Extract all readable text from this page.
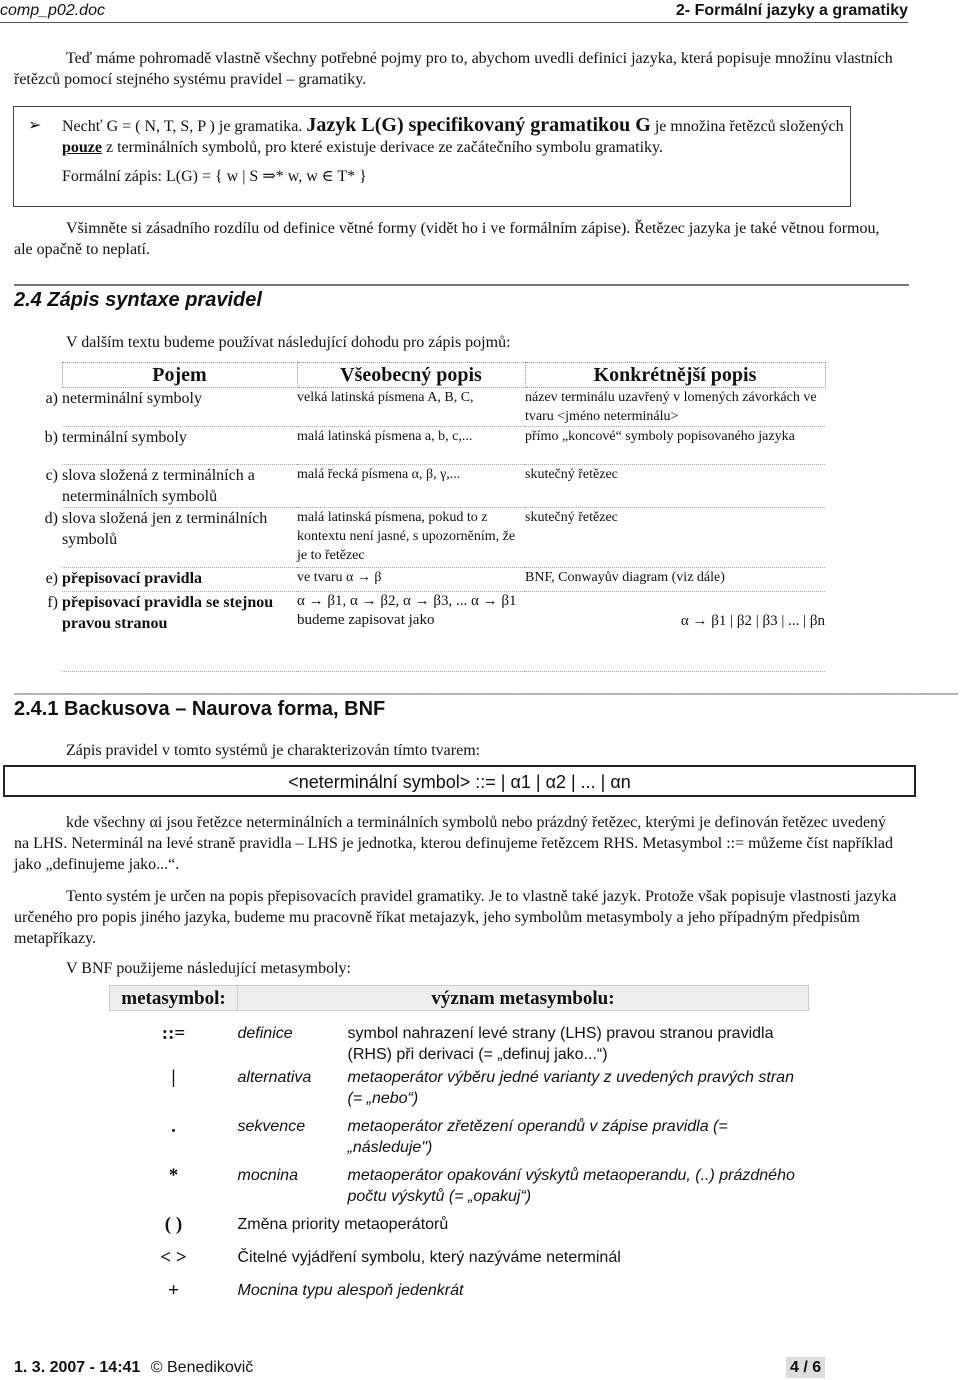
comp_p02.doc	2- Formální jazyky a gramatiky

Teď máme pohromadě vlastně všechny potřebné pojmy pro to, abychom uvedli definici jazyka, která popisuje množinu vlastních řetězců pomocí stejného systému pravidel – gramatiky.

➢ Nechť G = ( N, T, S, P ) je gramatika. Jazyk L(G) specifikovaný gramatikou G je množina řetězců složených pouze z terminálních symbolů, pro které existuje derivace ze začátečního symbolu gramatiky.
Formální zápis: L(G) = { w | S ⇒* w, w ∈ T* }

Všimněte si zásadního rozdílu od definice větné formy (vidět ho i ve formálním zápise). Řetězec jazyka je také větnou formou, ale opačně to neplatí.

2.4 Zápis syntaxe pravidel

V dalším textu budeme používat následující dohodu pro zápis pojmů:

	Pojem	Všeobecný popis	Konkrétnější popis
a)	neterminální symboly	velká latinská písmena A, B, C,	název terminálu uzavřený v lomených závorkách ve tvaru <jméno neterminálu>
b)	terminální symboly	malá latinská písmena a, b, c,...	přímo „koncové“ symboly popisovaného jazyka
c)	slova složená z terminálních a neterminálních symbolů	malá řecká písmena α, β, γ,...	skutečný řetězec
d)	slova složená jen z terminálních symbolů	malá latinská písmena, pokud to z kontextu není jasné, s upozorněním, že je to řetězec	skutečný řetězec
e)	přepisovací pravidla	ve tvaru α → β	BNF, Conwayův diagram (viz dále)
f)	přepisovací pravidla se stejnou pravou stranou	α → β1, α → β2, α → β3, ... α → β1 budeme zapisovat jako	α → β1 | β2 | β3 | ... | βn
2.4.1 Backusova – Naurova forma, BNF

Zápis pravidel v tomto systémů je charakterizován tímto tvarem:

<neterminální symbol> ::= | α1 | α2 | ... | αn

kde všechny αi jsou řetězce neterminálních a terminálních symbolů nebo prázdný řetězec, kterými je definován řetězec uvedený na LHS. Neterminál na levé straně pravidla – LHS je jednotka, kterou definujeme řetězcem RHS. Metasymbol ::= můžeme číst například jako „definujeme jako...“.

Tento systém je určen na popis přepisovacích pravidel gramatiky. Je to vlastně také jazyk. Protože však popisuje vlastnosti jazyka určeného pro popis jiného jazyka, budeme mu pracovně říkat metajazyk, jeho symbolům metasymboly a jeho případným předpisům metapříkazy.

V BNF použijeme následující metasymboly:

metasymbol:	význam metasymbolu:	
::=	definice	symbol nahrazení levé strany (LHS) pravou stranou pravidla (RHS) při derivaci (= „definuj jako...“)
|	alternativa	metaoperátor výběru jedné varianty z uvedených pravých stran (= „nebo“)
.	sekvence	metaoperátor zřetězení operandů v zápise pravidla (= „následuje")
*	mocnina	metaoperátor opakování výskytů metaoperandu, (..) prázdného počtu výskytů (= „opakuj“)
( )	Změna priority metaoperátorů	
< >	Čitelné vyjádření symbolu, který nazýváme neterminál	
+	Mocnina typu alespoň jedenkrát	
1. 3. 2007 - 14:41 © Benedikovič	4 / 6
